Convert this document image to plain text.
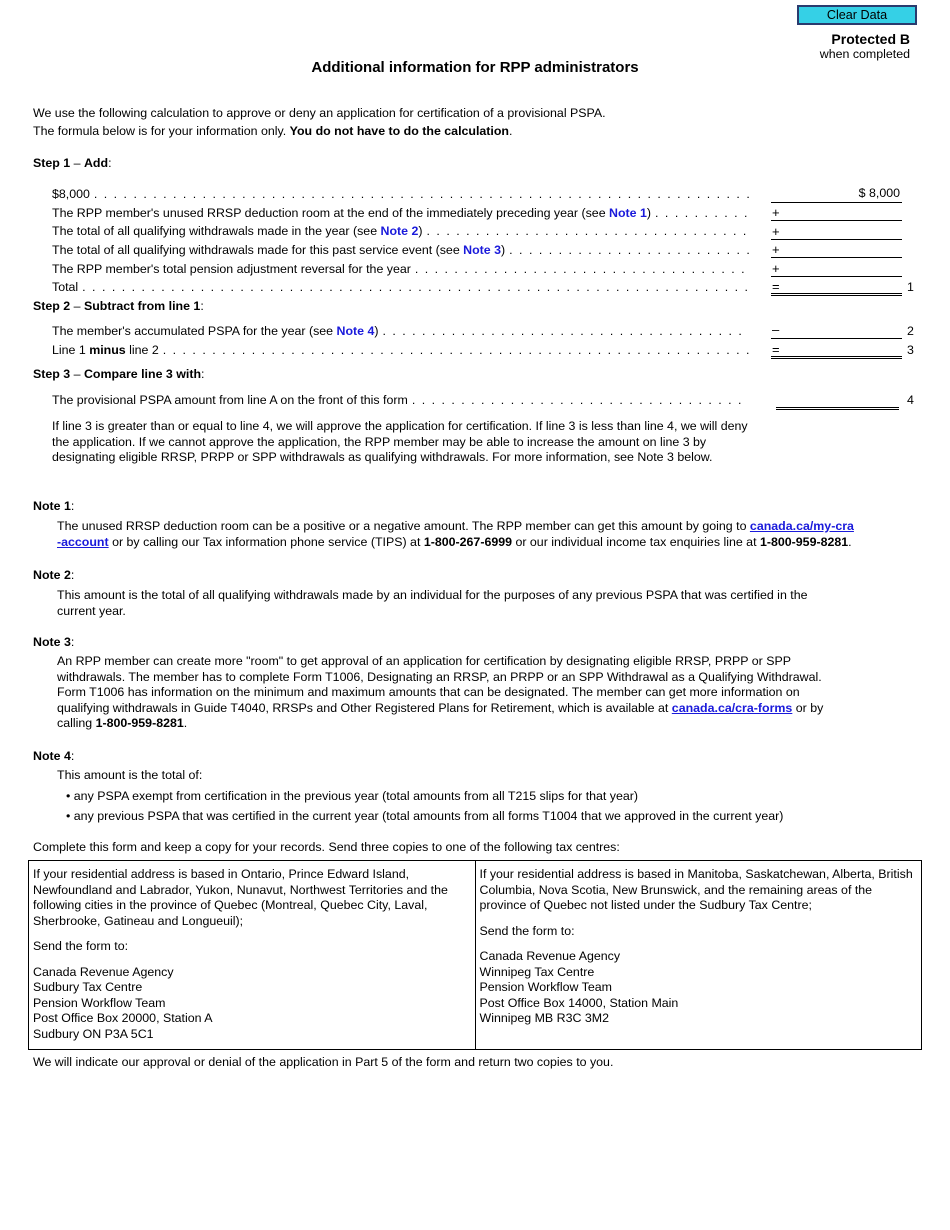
Clear Data
Protected B
when completed
Additional information for RPP administrators
We use the following calculation to approve or deny an application for certification of a provisional PSPA.
The formula below is for your information only. You do not have to do the calculation.
Step 1 – Add:
$8,000 . . .	$ 8,000
The RPP member's unused RRSP deduction room at the end of the immediately preceding year (see Note 1) . . .	+
The total of all qualifying withdrawals made in the year (see Note 2) . . .	+
The total of all qualifying withdrawals made for this past service event (see Note 3) . . .	+
The RPP member's total pension adjustment reversal for the year . . .	+
Total . . .	=	1
Step 2 – Subtract from line 1:
The member's accumulated PSPA for the year (see Note 4) . . .	–	2
Line 1 minus line 2 . . .	=	3
Step 3 – Compare line 3 with:
The provisional PSPA amount from line A on the front of this form . . .	4
If line 3 is greater than or equal to line 4, we will approve the application for certification. If line 3 is less than line 4, we will deny
the application. If we cannot approve the application, the RPP member may be able to increase the amount on line 3 by
designating eligible RRSP, PRPP or SPP withdrawals as qualifying withdrawals. For more information, see Note 3 below.
Note 1:
The unused RRSP deduction room can be a positive or a negative amount. The RPP member can get this amount by going to canada.ca/my-cra
-account or by calling our Tax information phone service (TIPS) at 1-800-267-6999 or our individual income tax enquiries line at 1-800-959-8281.
Note 2:
This amount is the total of all qualifying withdrawals made by an individual for the purposes of any previous PSPA that was certified in the
current year.
Note 3:
An RPP member can create more "room" to get approval of an application for certification by designating eligible RRSP, PRPP or SPP
withdrawals. The member has to complete Form T1006, Designating an RRSP, an PRPP or an SPP Withdrawal as a Qualifying Withdrawal.
Form T1006 has information on the minimum and maximum amounts that can be designated. The member can get more information on
qualifying withdrawals in Guide T4040, RRSPs and Other Registered Plans for Retirement, which is available at canada.ca/cra-forms or by
calling 1-800-959-8281.
Note 4:
This amount is the total of:
• any PSPA exempt from certification in the previous year (total amounts from all T215 slips for that year)
• any previous PSPA that was certified in the current year (total amounts from all forms T1004 that we approved in the current year)
Complete this form and keep a copy for your records. Send three copies to one of the following tax centres:

If your residential address is based in Ontario, Prince Edward Island, Newfoundland and Labrador, Yukon, Nunavut, Northwest Territories and the following cities in the province of Quebec (Montreal, Quebec City, Laval, Sherbrooke, Gatineau and Longueuil);

Send the form to:

Canada Revenue Agency
Sudbury Tax Centre
Pension Workflow Team
Post Office Box 20000, Station A
Sudbury ON P3A 5C1

If your residential address is based in Manitoba, Saskatchewan, Alberta, British Columbia, Nova Scotia, New Brunswick, and the remaining areas of the province of Quebec not listed under the Sudbury Tax Centre;

Send the form to:

Canada Revenue Agency
Winnipeg Tax Centre
Pension Workflow Team
Post Office Box 14000, Station Main
Winnipeg MB R3C 3M2
We will indicate our approval or denial of the application in Part 5 of the form and return two copies to you.
